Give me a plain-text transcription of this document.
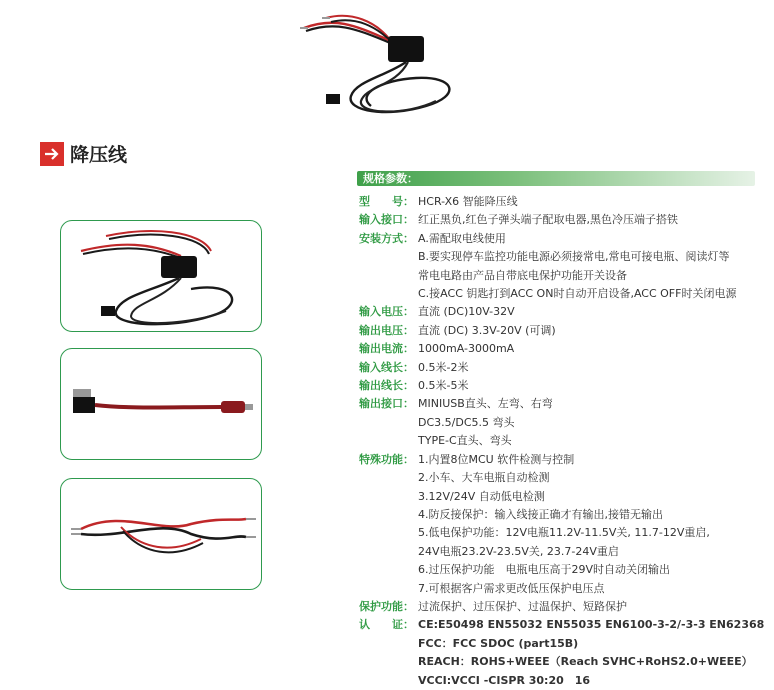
降压线
规格参数：
型　　号： HCR-X6 智能降压线
输入接口： 红正黑负,红色子弹头端子配取电器,黑色冷压端子搭铁
安装方式： A.需配取电线使用
B.要实现停车监控功能电源必须接常电,常电可接电瓶、阅读灯等
常电电路由产品自带底电保护功能开关设备
C.接ACC 钥匙打到ACC ON时自动开启设备,ACC OFF时关闭电源
输入电压： 直流 (DC)10V-32V
输出电压： 直流 (DC) 3.3V-20V (可调)
输出电流： 1000mA-3000mA
输入线长： 0.5米-2米
输出线长： 0.5米-5米
输出接口： MINIUSB直头、左弯、右弯
DC3.5/DC5.5 弯头
TYPE-C直头、弯头
特殊功能： 1.内置8位MCU 软件检测与控制
2.小车、大车电瓶自动检测
3.12V/24V 自动低电检测
4.防反接保护：输入线接正确才有输出,接错无输出
5.低电保护功能：12V电瓶11.2V-11.5V关, 11.7-12V重启,
24V电瓶23.2V-23.5V关, 23.7-24V重启
6.过压保护功能　电瓶电压高于29V时自动关闭输出
7.可根据客户需求更改低压保护电压点
保护功能： 过流保护、过压保护、过温保护、短路保护
认　　证： CE:E50498 EN55032 EN55035 EN6100-3-2/-3-3 EN62368
FCC：FCC SDOC (part15B)
REACH：ROHS+WEEE（Reach SVHC+RoHS2.0+WEEE）
VCCI:VCCI -CISPR 30:20　16
